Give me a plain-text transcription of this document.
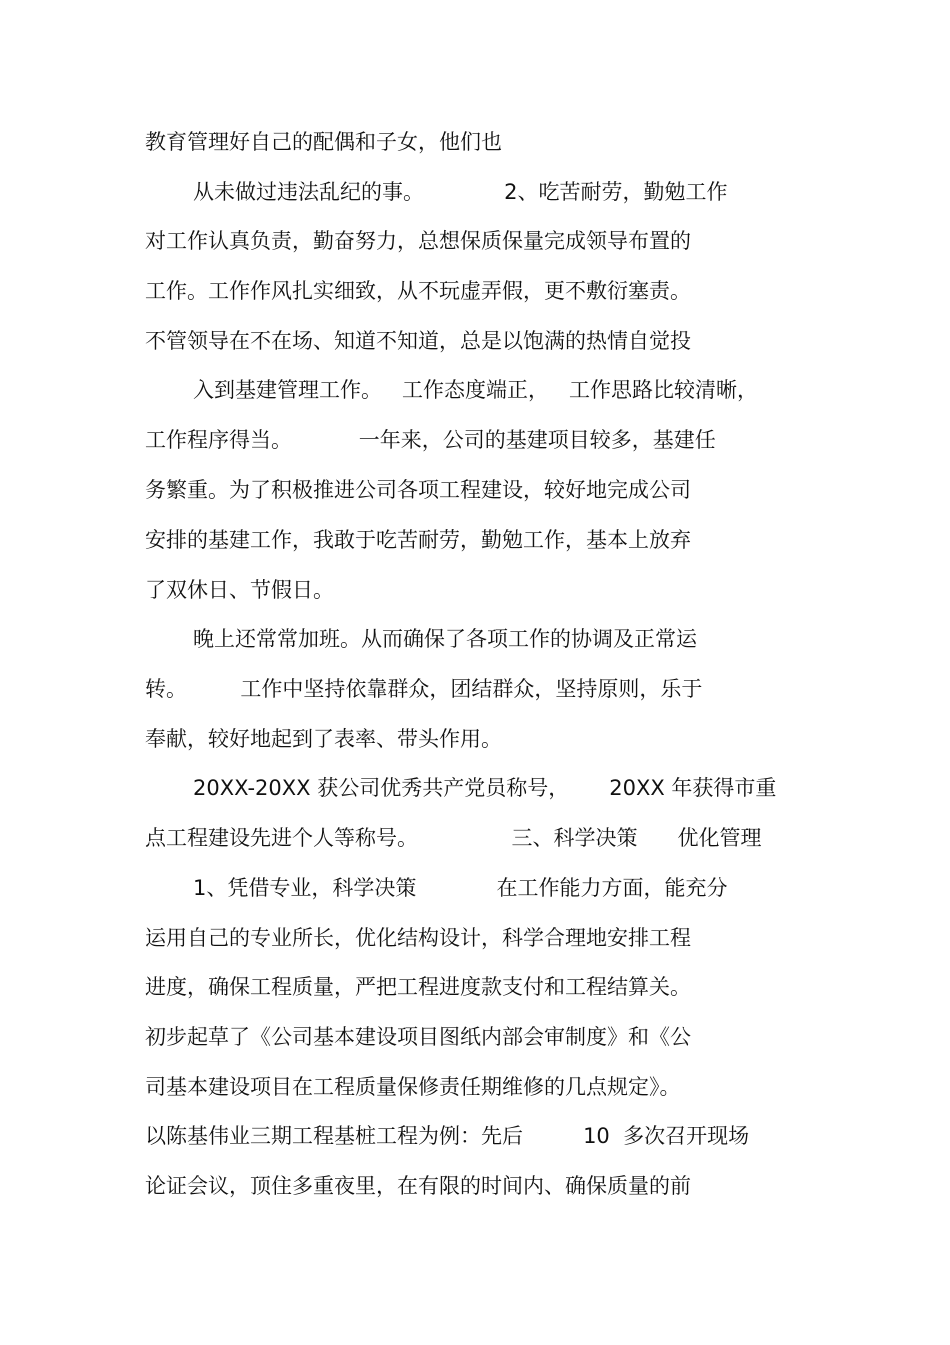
教育管理好自己的配偶和子女，他们也
从未做过违法乱纪的事。            2、吃苦耐劳，勤勉工作
对工作认真负责，勤奋努力，总想保质保量完成领导布置的
工作。工作作风扎实细致，从不玩虚弄假，更不敷衍塞责。
不管领导在不在场、知道不知道，总是以饱满的热情自觉投
入到基建管理工作。   工作态度端正，   工作思路比较清晰，
工作程序得当。          一年来，公司的基建项目较多，基建任
务繁重。为了积极推进公司各项工程建设，较好地完成公司
安排的基建工作，我敢于吃苦耐劳，勤勉工作，基本上放弃
了双休日、节假日。
晚上还常常加班。从而确保了各项工作的协调及正常运
转。        工作中坚持依靠群众，团结群众，坚持原则，乐于
奉献，较好地起到了表率、带头作用。
20XX-20XX 获公司优秀共产党员称号，      20XX 年获得市重
点工程建设先进个人等称号。              三、科学决策      优化管理
1、凭借专业，科学决策            在工作能力方面，能充分
运用自己的专业所长，优化结构设计，科学合理地安排工程
进度，确保工程质量，严把工程进度款支付和工程结算关。
初步起草了《公司基本建设项目图纸内部会审制度》和《公
司基本建设项目在工程质量保修责任期维修的几点规定》。
以陈基伟业三期工程基桩工程为例：先后         10  多次召开现场
论证会议，顶住多重夜里，在有限的时间内、确保质量的前
